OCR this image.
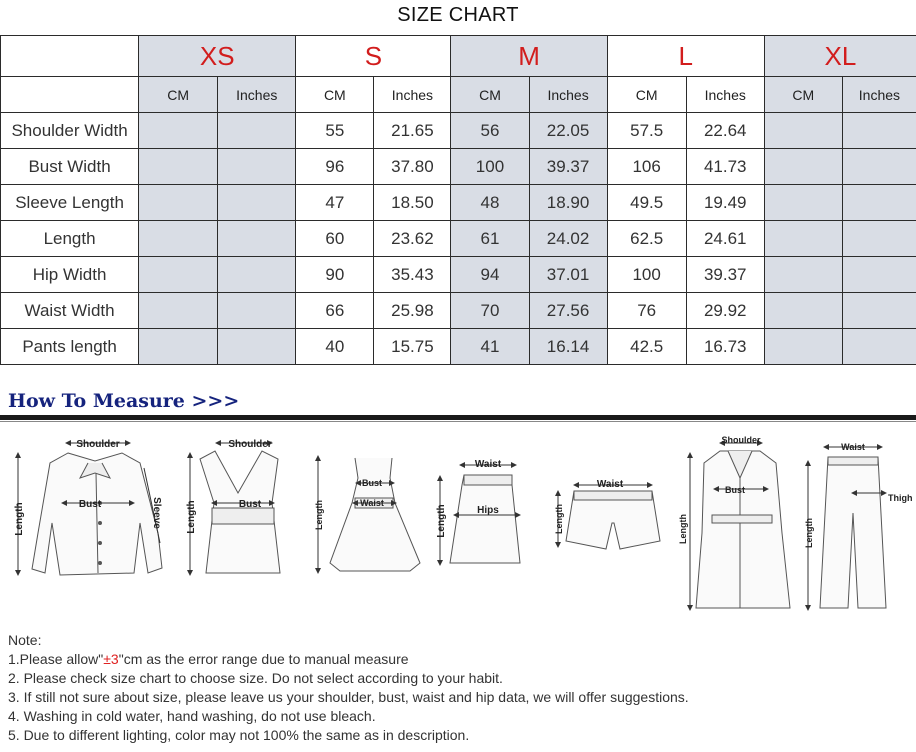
SIZE CHART
	XS		S		M		L		XL	
	CM	Inches	CM	Inches	CM	Inches	CM	Inches	CM	Inches
Shoulder Width			55	21.65	56	22.05	57.5	22.64		
Bust Width			96	37.80	100	39.37	106	41.73		
Sleeve Length			47	18.50	48	18.90	49.5	19.49		
Length			60	23.62	61	24.02	62.5	24.61		
Hip Width			90	35.43	94	37.01	100	39.37		
Waist Width			66	25.98	70	27.56	76	29.92		
Pants length			40	15.75	41	16.14	42.5	16.73		
How To Measure >>>
Shoulder
Bust	Sleeve
Length
Shoulder
Bust
Length
Bust
Waist
Length
Waist
Hips
Length
Waist
Length
Shoulder
Bust
Length
Waist
Thigh
Length
Note:
1.Please allow"±3"cm as the error range due to manual measure
2. Please check size chart to choose size. Do not select according to your habit.
3. If still not sure about size, please leave us your shoulder, bust, waist and hip data, we will offer suggestions.
4. Washing in cold water, hand washing, do not use bleach.
5. Due to different lighting, color may not 100% the same as in description.
